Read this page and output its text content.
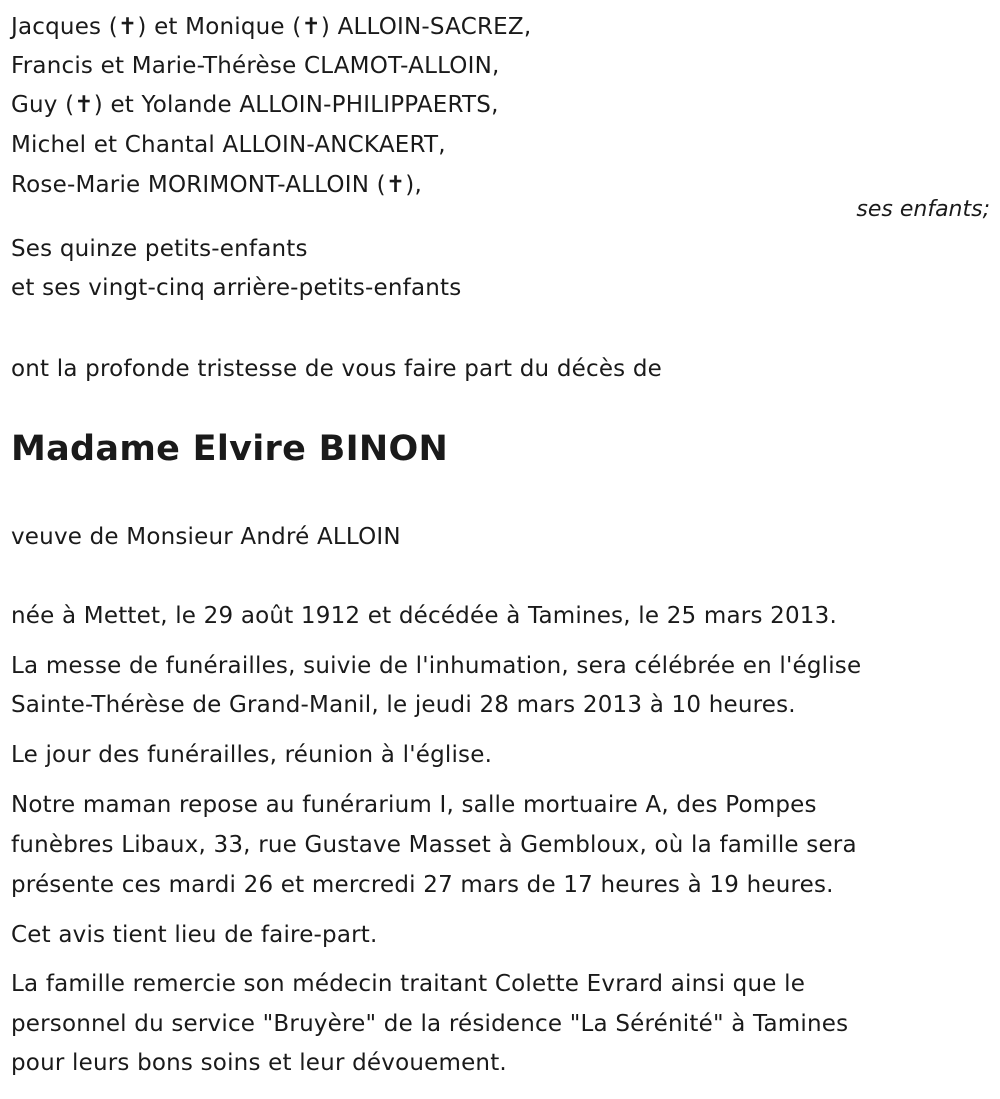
Jacques (✝) et Monique (✝) ALLOIN-SACREZ,

Francis et Marie-Thérèse CLAMOT-ALLOIN,

Guy (✝) et Yolande ALLOIN-PHILIPPAERTS,

Michel et Chantal ALLOIN-ANCKAERT,

Rose-Marie MORIMONT-ALLOIN (✝),

ses enfants;

Ses quinze petits-enfants

et ses vingt-cinq arrière-petits-enfants

ont la profonde tristesse de vous faire part du décès de

Madame Elvire BINON

veuve de Monsieur André ALLOIN

née à Mettet, le 29 août 1912 et décédée à Tamines, le 25 mars 2013.

La messe de funérailles, suivie de l'inhumation, sera célébrée en l'église

Sainte-Thérèse de Grand-Manil, le jeudi 28 mars 2013 à 10 heures.

Le jour des funérailles, réunion à l'église.

Notre maman repose au funérarium I, salle mortuaire A, des Pompes

funèbres Libaux, 33, rue Gustave Masset à Gembloux, où la famille sera

présente ces mardi 26 et mercredi 27 mars de 17 heures à 19 heures.

Cet avis tient lieu de faire-part.

La famille remercie son médecin traitant Colette Evrard ainsi que le

personnel du service "Bruyère" de la résidence "La Sérénité" à Tamines

pour leurs bons soins et leur dévouement.
